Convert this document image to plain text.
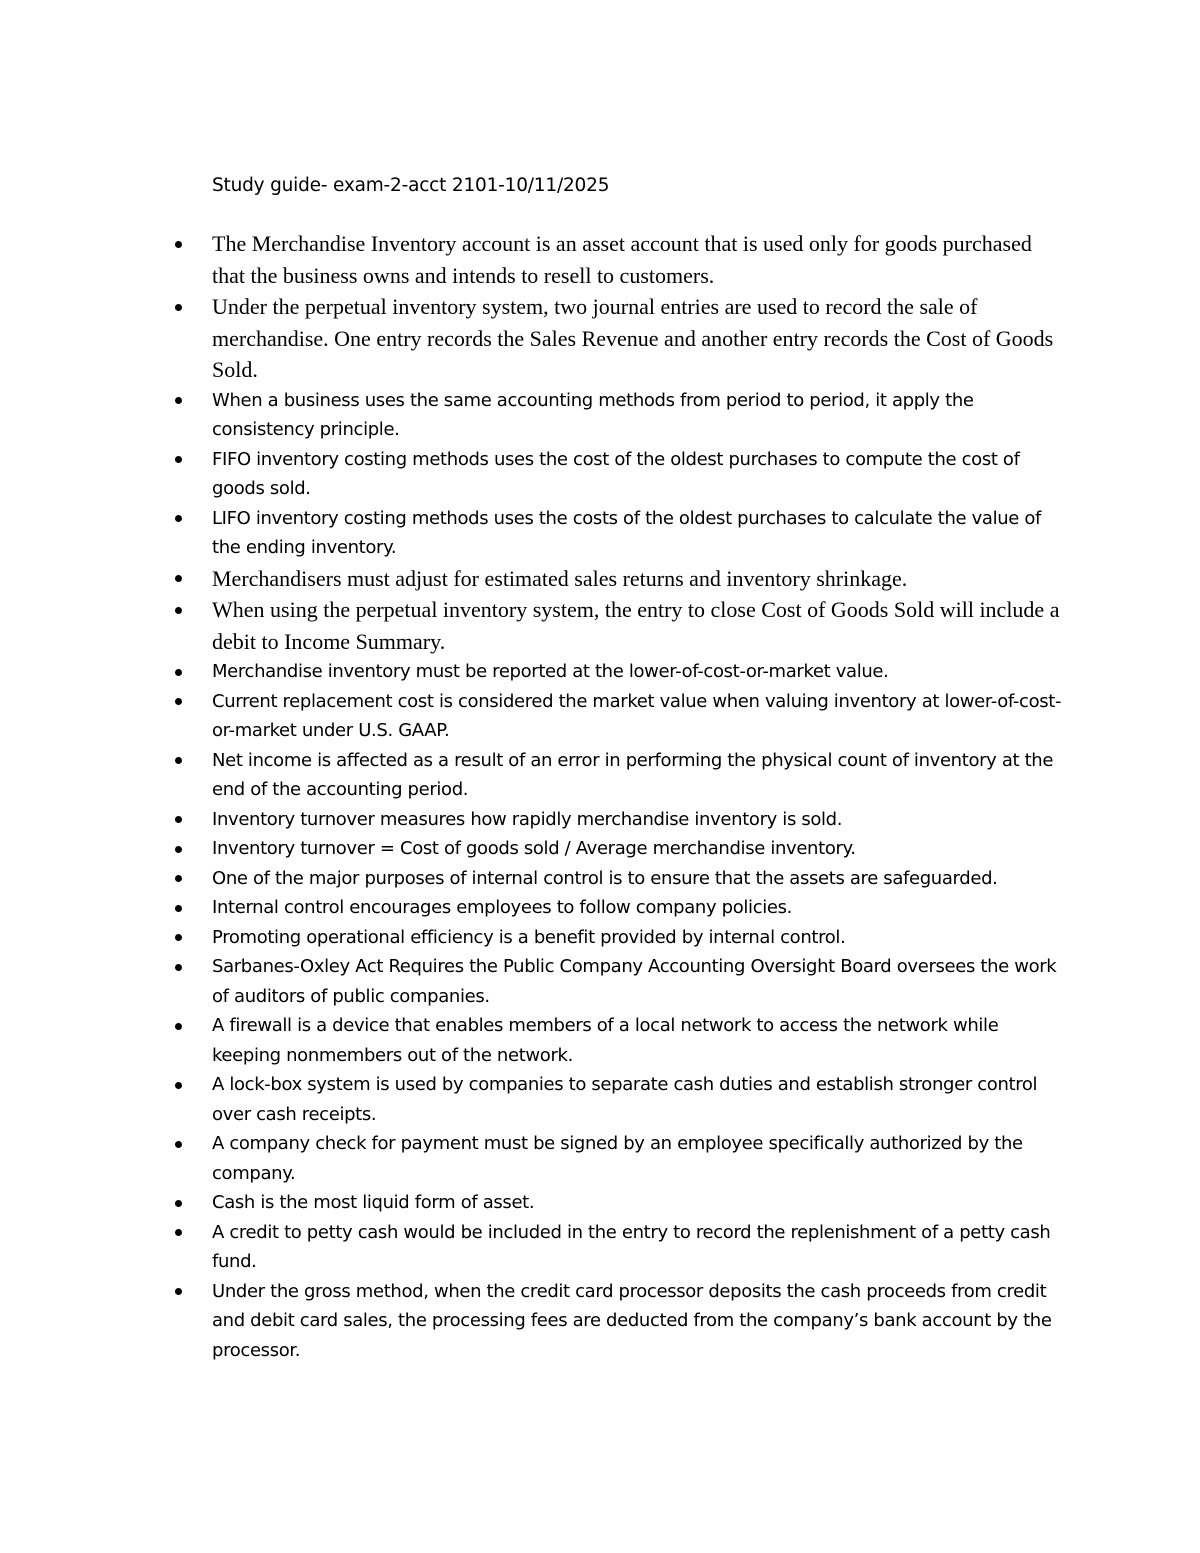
Study guide- exam-2-acct 2101-10/11/2025
The Merchandise Inventory account is an asset account that is used only for goods purchased that the business owns and intends to resell to customers.
Under the perpetual inventory system, two journal entries are used to record the sale of merchandise. One entry records the Sales Revenue and another entry records the Cost of Goods Sold.
When a business uses the same accounting methods from period to period, it apply the consistency principle.
FIFO inventory costing methods uses the cost of the oldest purchases to compute the cost of goods sold.
LIFO inventory costing methods uses the costs of the oldest purchases to calculate the value of the ending inventory.
Merchandisers must adjust for estimated sales returns and inventory shrinkage.
When using the perpetual inventory system, the entry to close Cost of Goods Sold will include a debit to Income Summary.
Merchandise inventory must be reported at the lower-of-cost-or-market value.
Current replacement cost is considered the market value when valuing inventory at lower-of-cost-or-market under U.S. GAAP.
Net income is affected as a result of an error in performing the physical count of inventory at the end of the accounting period.
Inventory turnover measures how rapidly merchandise inventory is sold.
Inventory turnover = Cost of goods sold / Average merchandise inventory.
One of the major purposes of internal control is to ensure that the assets are safeguarded.
Internal control encourages employees to follow company policies.
Promoting operational efficiency is a benefit provided by internal control.
Sarbanes-Oxley Act Requires the Public Company Accounting Oversight Board oversees the work of auditors of public companies.
A firewall is a device that enables members of a local network to access the network while keeping nonmembers out of the network.
A lock-box system is used by companies to separate cash duties and establish stronger control over cash receipts.
A company check for payment must be signed by an employee specifically authorized by the company.
Cash is the most liquid form of asset.
A credit to petty cash would be included in the entry to record the replenishment of a petty cash fund.
Under the gross method, when the credit card processor deposits the cash proceeds from credit and debit card sales, the processing fees are deducted from the company’s bank account by the processor.
